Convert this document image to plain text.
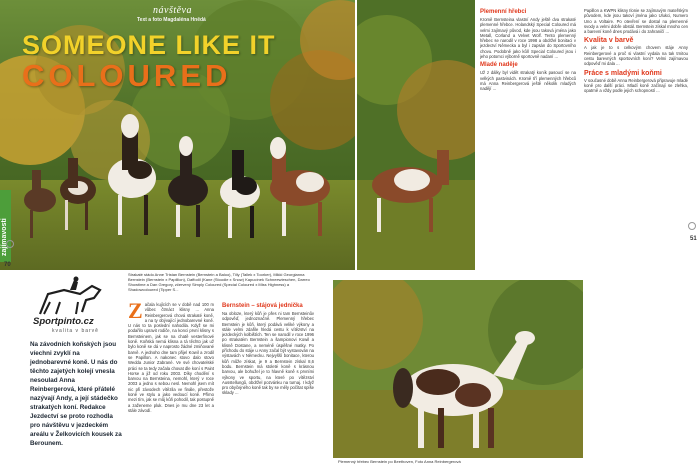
návštěva
Text a foto Magdaléna Hnědá
SOMEONE LIKE IT
COLOURED
zajímavosti
70
51
Strakaté stádo Anne Tristan Bernstein (Bernstein a Baloo), Tilly (Tallek x Toorker), Mikki Georgianna Bernstein (Bernstein x Papillion), Daffodil (Kane (Stoodie x Snow) Kapucínek Schneewieschen, Darreo Showtime a Dan Gregory, zčervený Simply Coloured (Special Coloured x Miss Highness) a Shadowcoloured (Tipper S...
Sportpinto.cz
kvalita v barvě
Na závodních koňských jsou víechni zvyklí na jednobarevné koně. U nás do těchto zajetých kolejí vnesla nesoulad Anna Reinbergerová, které přátelé nazývají Andy, a její stádečko strakatých koní. Redakce Jezdectví se proto rozhodla pro návštěvu v jezdeckém areálu v Želkovicích kousek za Berounem.
Z ačala kujících se v době nad 100 m vůbec čtrnáct klisny ... Anna Reinbergerová chová strakaté koně, a na ty obývající jednobarevné koně. U nás to ta poslední nahodila. Když se mi podařilo upravit rodiče, na konci první klisny s Bernsteinem, jak se na chatě vesterňnové koně. Koňská nemá klisna a tá těchto jak už bylo koně se dá v naprosto žádné zmiňované barvě. A jednoho dne tam přijel Kowil a zrodil se Papillon. A nakonec stovo dalo stovo Wedda Junior Zabrané. Ve své chovatelské práci se ta tedy začala chovat dle koní s Paint Horse a již od roku 2003. Díky chodění s barvou na Bernsteina, nemohl, který v roce 2003 a jedno s sebou nesl. Nemohl jsem mít nic při závodech vítězila ve finále, přestože koně ve stylu a jako vedoucí koně. Přímo mezi tím, jak se můj kůň pohodil, tak postupně a zaženeme pluk. Dnes je mu dne 23 let a stále závodí.
Bernstein – stájová jednička
Na obloze, který kůň je přes ni tam Bernsteinův odpověď, jednoznačně. Plemenný hřebec Bernstein je kůň, který podává veliké výkony a stále velmi zdařile hledá cestu k vítězství na jezdeckých kolbištích. Ten se narodil v roce 1996 po strakatém Bernstein a šampionovi Kowil a klisně Dostane, a neméně úspěšné matky. Po příchodu do stáje u Anny začal být vystavován na výstavách v Německu. Nejvyšší bonitace, kterou kůň může získat, je 9 a Bernstein získal 8,6 bodu. Bernstein má stoleté koně s krásnou barvou, ale bohužel je to hlavně koně s prvními výkony ve sportu, na které po vítězství Ausstellungů, obdržel pozvánku na turnaj. I když pro obyčejného koně tak by se měly počítat spíše sklady ...
Plemenní hřebci
Kromě Bernsteina vlastní Andy ještě dva strakaté plemenné hřebce. Holandský Special Coloured má velmi zajímavý původ, kde jsou taková jména jako Metall, Corland a Velvet Wolf. Tento plemenný hřebec se narodil v roce 1998 a obdržel bonitaci v jezdectví Německa a byl i zapsán do Sportovního chovu. Podobně jako kůň Special Coloured jsou i jeho potomci výborně sportovně nadaní ...
Mladé naděje
Už z dálky byl vidět strakatý koník pasoucí se na velkých pastvinách. Kromě tří plemenných hřebců má Anna Reinbergerová ještě několik mladých nadějí ...
Papillon a KWPN klisny Ilonie se zajímavým mateřským původem, kde jsou takoví jména jako Ulukci, Numero Uno a Voltaire. Po otevření se dostal na plemenné svody a velmi dobře obstál. Bernstein získal mnoho cen a barevní koně dnes prodává i do zahraničí ...
Kvalita v barvě
A jak je to s celkovým chovem stáje Anny Reinbergerové a proč si vlastní vydala na tak trnitou cestu barevných sportovních koní? Velmi zajímavou odpověď mi dala ...
Práce s mladými koňmi
V současné době Anna Reinbergerová připravuje mladé koně pro další práci. Mladí koně začínají se zlehka, opatrně a vždy podle jejich schopností ...
Plemenný hřebec Bernstein po Beethoven, Foto Anna Reinbergerová
